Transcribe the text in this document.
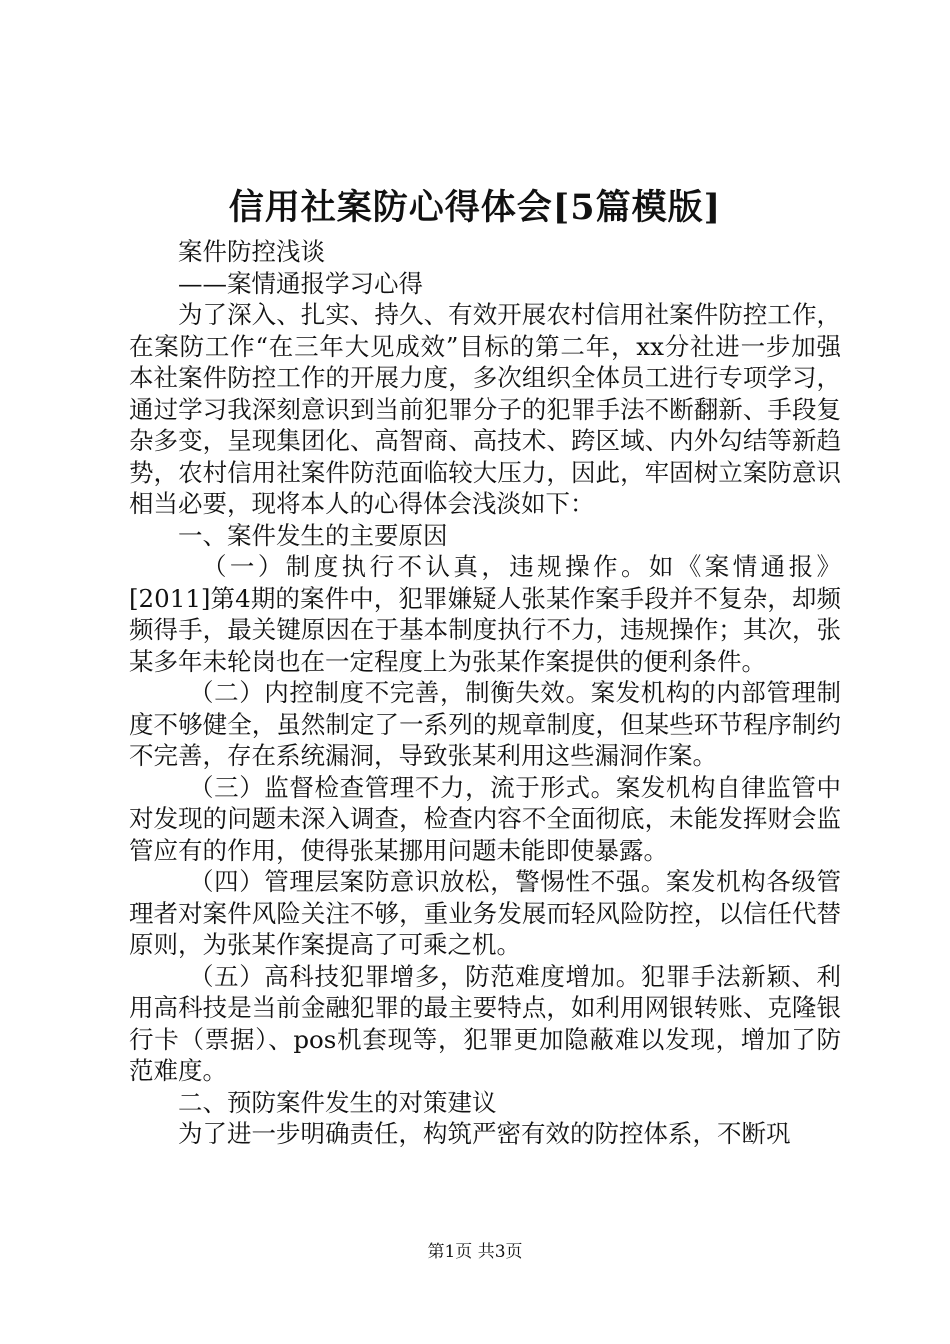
信用社案防心得体会[5篇模版]

案件防控浅谈

——案情通报学习心得

为了深入、扎实、持久、有效开展农村信用社案件防控工作，在案防工作“在三年大见成效”目标的第二年，xx分社进一步加强本社案件防控工作的开展力度，多次组织全体员工进行专项学习，通过学习我深刻意识到当前犯罪分子的犯罪手法不断翻新、手段复杂多变，呈现集团化、高智商、高技术、跨区域、内外勾结等新趋势，农村信用社案件防范面临较大压力，因此，牢固树立案防意识相当必要，现将本人的心得体会浅淡如下：

一、案件发生的主要原因

（一）制度执行不认真，违规操作。如《案情通报》[2011]第4期的案件中，犯罪嫌疑人张某作案手段并不复杂，却频频得手，最关键原因在于基本制度执行不力，违规操作；其次，张某多年未轮岗也在一定程度上为张某作案提供的便利条件。

（二）内控制度不完善，制衡失效。案发机构的内部管理制度不够健全，虽然制定了一系列的规章制度，但某些环节程序制约不完善，存在系统漏洞，导致张某利用这些漏洞作案。

（三）监督检查管理不力，流于形式。案发机构自律监管中对发现的问题未深入调查，检查内容不全面彻底，未能发挥财会监管应有的作用，使得张某挪用问题未能即使暴露。

（四）管理层案防意识放松，警惕性不强。案发机构各级管理者对案件风险关注不够，重业务发展而轻风险防控，以信任代替原则，为张某作案提高了可乘之机。

（五）高科技犯罪增多，防范难度增加。犯罪手法新颖、利用高科技是当前金融犯罪的最主要特点，如利用网银转账、克隆银行卡（票据）、pos机套现等，犯罪更加隐蔽难以发现，增加了防范难度。

二、预防案件发生的对策建议

为了进一步明确责任，构筑严密有效的防控体系，不断巩

第1页 共3页
